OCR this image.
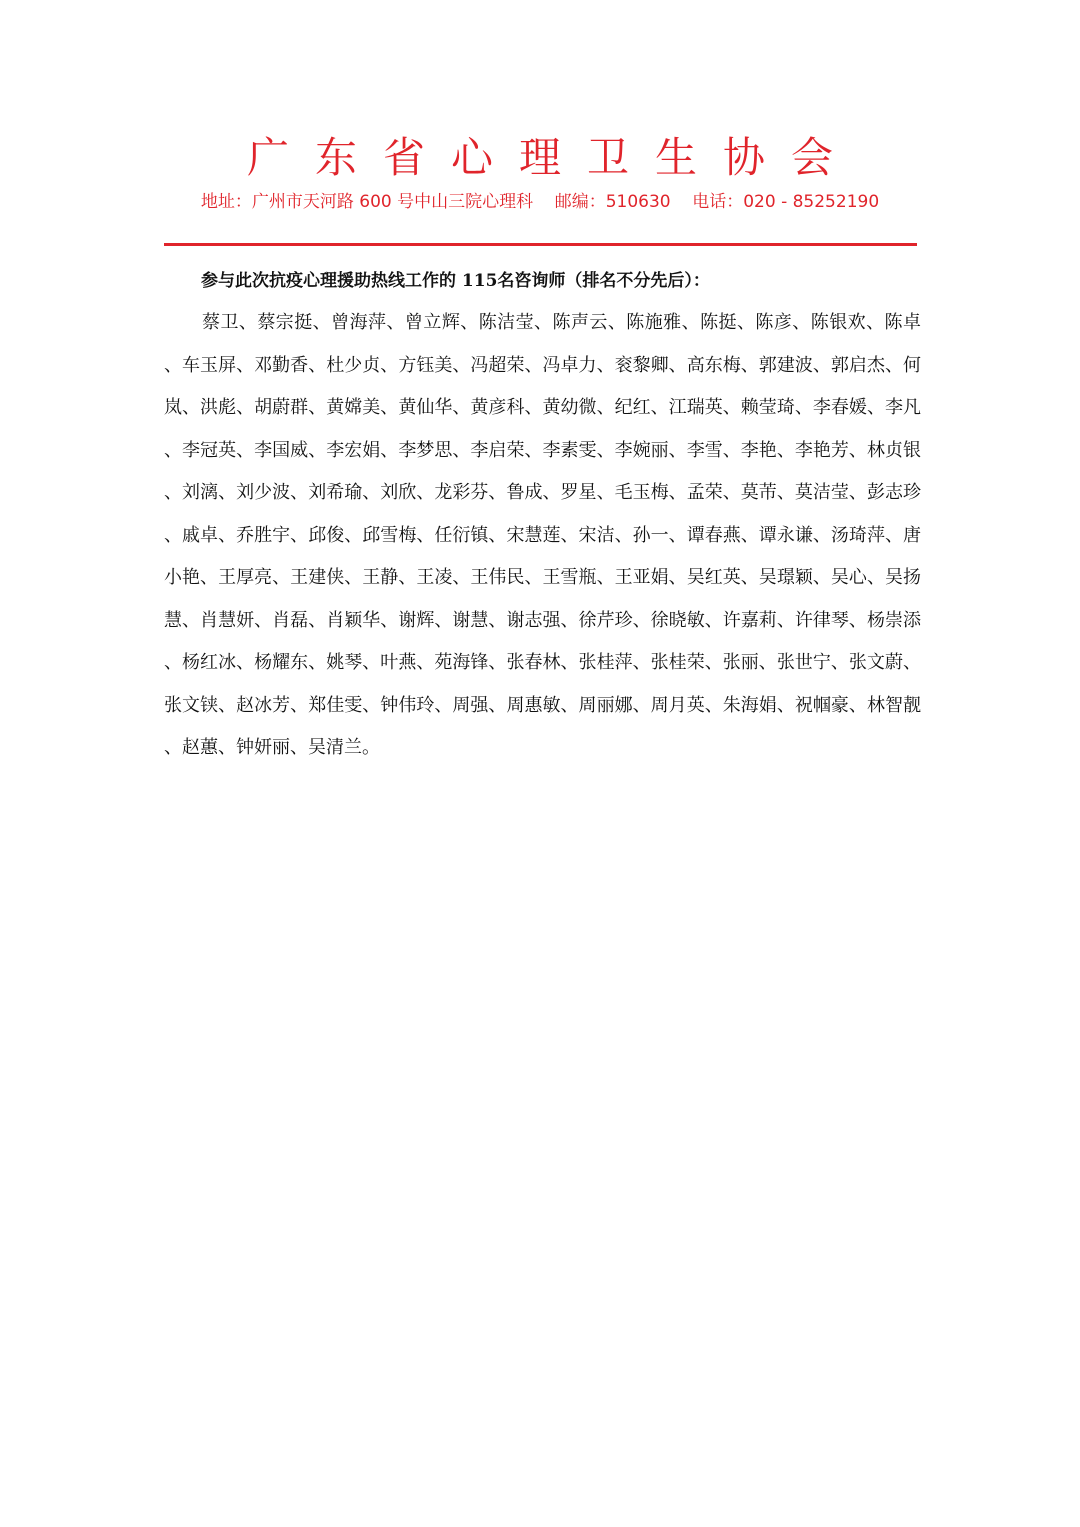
广东省心理卫生协会
地址：广州市天河路 600 号中山三院心理科    邮编：510630    电话：020 - 85252190
参与此次抗疫心理援助热线工作的 115名咨询师（排名不分先后）：
蔡卫、蔡宗挺、曾海萍、曾立辉、陈洁莹、陈声云、陈施雅、陈挺、陈彦、陈银欢、陈卓、车玉屏、邓勤香、杜少贞、方钰美、冯超荣、冯卓力、衮黎卿、高东梅、郭建波、郭启杰、何岚、洪彪、胡蔚群、黄嫦美、黄仙华、黄彦科、黄幼微、纪红、江瑞英、赖莹琦、李春媛、李凡、李冠英、李国威、李宏娟、李梦思、李启荣、李素雯、李婉丽、李雪、李艳、李艳芳、林贞银、刘漓、刘少波、刘希瑜、刘欣、龙彩芬、鲁成、罗星、毛玉梅、孟荣、莫芾、莫洁莹、彭志珍、戚卓、乔胜宇、邱俊、邱雪梅、任衍镇、宋慧莲、宋洁、孙一、谭春燕、谭永谦、汤琦萍、唐小艳、王厚亮、王建侠、王静、王凌、王伟民、王雪瓶、王亚娟、吴红英、吴璟颖、吴心、吴扬慧、肖慧妍、肖磊、肖颖华、谢辉、谢慧、谢志强、徐芹珍、徐晓敏、许嘉莉、许律琴、杨崇添、杨红冰、杨耀东、姚琴、叶燕、苑海锋、张春林、张桂萍、张桂荣、张丽、张世宁、张文蔚、张文铗、赵冰芳、郑佳雯、钟伟玲、周强、周惠敏、周丽娜、周月英、朱海娟、祝帼豪、林智靓、赵蕙、钟妍丽、吴清兰。
